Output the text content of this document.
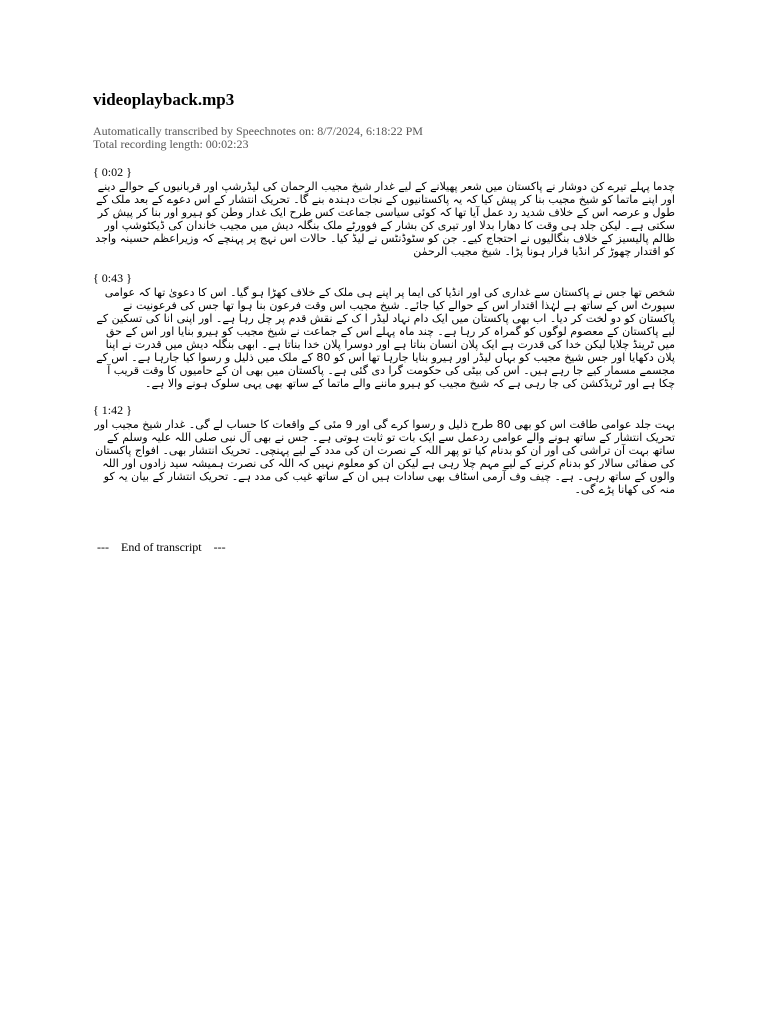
videoplayback.mp3
Automatically transcribed by Speechnotes on: 8/7/2024, 6:18:22 PM
Total recording length: 00:02:23
{ 0:02 }
چدما پہلے تیرے کن دوشار نے پاکستان میں شعر پھیلانے کے لیے غدار شیخ مجیب الرحمان کی لیڈرشپ اور قربانیوں کے حوالے دینے اور اپنے ماتما کو شیخ مجیب بنا کر پیش کیا کہ یہ پاکستانیوں کے نجات دہندہ بنے گا۔ تحریک انتشار کے اس دعوے کے بعد ملک کے طول و عرصہ اس کے خلاف شدید رد عمل آیا تھا کہ کوئی سیاسی جماعت کس طرح ایک غدار وطن کو ہیرو اور بنا کر پیش کر سکتی ہے۔ لیکن جلد ہی وقت کا دھارا بدلا اور تیری کن بشار کے فوورٹے ملک بنگلہ دیش میں مجیب خاندان کی ڈیکٹوشپ اور ظالم پالیسیز کے خلاف بنگالیوں نے احتجاج کیے۔ جن کو سٹوڈنٹس نے لیڈ کیا۔ حالات اس نہج پر پہنچے کہ وزیراعظم حسینہ واجد کو اقتدار چھوڑ کر انڈیا فرار ہونا پڑا۔ شیخ مجیب الرحمٰن
{ 0:43 }
شخص تھا جس نے پاکستان سے غداری کی اور انڈیا کی ایما پر اپنے ہی ملک کے خلاف کھڑا ہو گیا۔ اس کا دعویٰ تھا کہ عوامی سپورٹ اس کے ساتھ ہے لہٰذا اقتدار اس کے حوالے کیا جائے۔ شیخ مجیب اس وقت فرعون بنا ہوا تھا جس کی فرعونیت نے پاکستان کو دو لخت کر دیا۔ اب بھی پاکستان میں ایک دام نہاد لیڈر ا ک کے نقش قدم پر چل رہا ہے۔ اور اپنی انا کی تسکین کے لیے پاکستان کے معصوم لوگوں کو گمراہ کر رہا ہے۔ چند ماہ پہلے اس کے جماعت نے شیخ مجیب کو ہیرو بنایا اور اس کے حق میں ٹرینڈ چلایا لیکن خدا کی قدرت ہے ایک پلان انسان بناتا ہے اور دوسرا پلان خدا بناتا ہے۔ ابھی بنگلہ دیش میں قدرت نے اپنا پلان دکھایا اور جس شیخ مجیب کو بہاں لیڈر اور ہیرو بنایا جارہا تھا اس کو 80 کے ملک میں ذلیل و رسوا کیا جارہا ہے۔ اس کے مجسمے مسمار کیے جا رہے ہیں۔ اس کی بیٹی کی حکومت گرا دی گئی ہے۔ پاکستان میں بھی ان کے حامیوں کا وقت قریب آ چکا ہے اور ٹریڈکشن کی جا رہی ہے کہ شیخ مجیب کو ہیرو ماننے والے ماتما کے ساتھ بھی یہی سلوک ہونے والا ہے۔
{ 1:42 }
بہت جلد عوامی طاقت اس کو بھی 80 طرح ذلیل و رسوا کرے گی اور 9 مئی کے واقعات کا حساب لے گی۔ غدار شیخ مجیب اور تحریک انتشار کے ساتھ ہونے والے عوامی ردعمل سے ایک بات تو ثابت ہوتی ہے۔ جس نے بھی آل نبی صلی اللہ علیہ وسلم کے ساتھ بہت آن تراشی کی اور ان کو بدنام کیا تو پھر اللہ کے نصرت ان کی مدد کے لیے پہنچی۔ تحریک انتشار بھی۔ افواج پاکستان کی صفائی سالار کو بدنام کرنے کے لیے مہم چلا رہی ہے لیکن ان کو معلوم نہیں کہ اللہ کی نصرت ہمیشہ سید زادوں اور اللہ والوں کے ساتھ رہی۔ ہے۔ چیف وف آرمی اسٹاف بھی سادات ہیں ان کے ساتھ غیب کی مدد ہے۔ تحریک انتشار کے بیان یہ کو منہ کی کھانا پڑے گی۔
---    End of transcript    ---
